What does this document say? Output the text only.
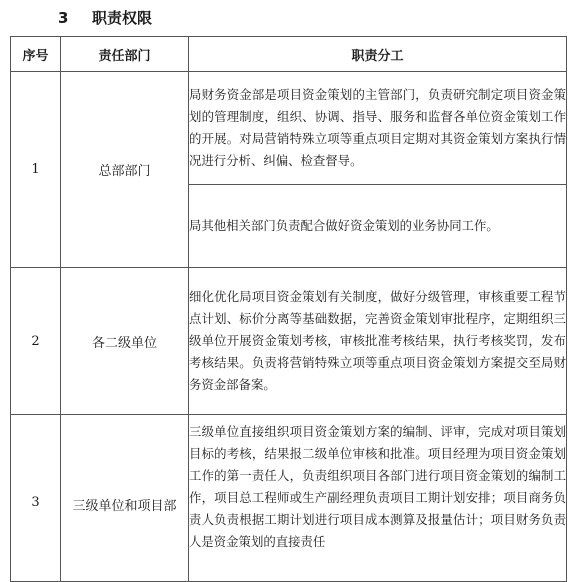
3 职责权限
序号	责任部门	职责分工
1	总部部门	局财务资金部是项目资金策划的主管部门，负责研究制定项目资金策划的管理制度，组织、协调、指导、服务和监督各单位资金策划工作的开展。对局营销特殊立项等重点项目定期对其资金策划方案执行情况进行分析、纠偏、检查督导。
		局其他相关部门负责配合做好资金策划的业务协同工作。
2	各二级单位	细化优化局项目资金策划有关制度，做好分级管理，审核重要工程节点计划、标价分离等基础数据，完善资金策划审批程序，定期组织三级单位开展资金策划考核，审核批准考核结果，执行考核奖罚，发布考核结果。负责将营销特殊立项等重点项目资金策划方案提交至局财务资金部备案。
3	三级单位和项目部	三级单位直接组织项目资金策划方案的编制、评审，完成对项目策划目标的考核，结果报二级单位审核和批准。项目经理为项目资金策划工作的第一责任人，负责组织项目各部门进行项目资金策划的编制工作，项目总工程师或生产副经理负责项目工期计划安排；项目商务负责人负责根据工期计划进行项目成本测算及报量估计；项目财务负责人是资金策划的直接责任
